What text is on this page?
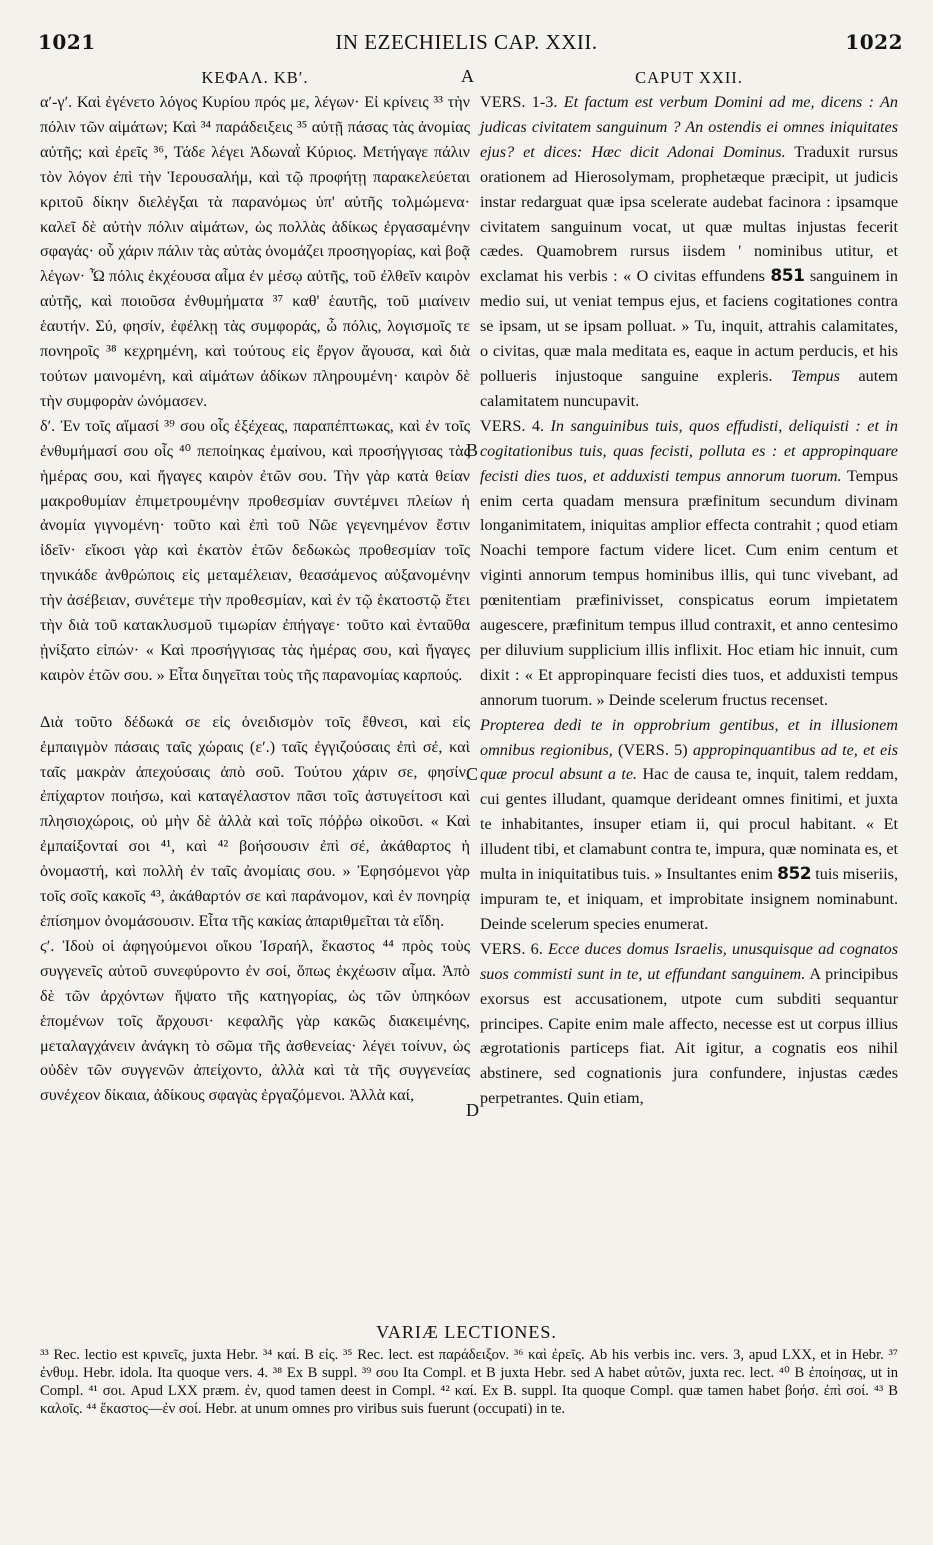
1021	IN EZECHIELIS CAP. XXII.	1022
A
B
C
D

ΚΕΦΑΛ. ΚΒʹ.

αʹ-γʹ. Καὶ ἐγένετο λόγος Κυρίου πρός με, λέγων· Εἰ κρίνεις ³³ τὴν πόλιν τῶν αἱμάτων; Καὶ ³⁴ παράδειξεις ³⁵ αὐτῇ πάσας τὰς ἀνομίας αὐτῆς; καὶ ἐρεῖς ³⁶, Τάδε λέγει Ἀδωναῒ Κύριος. Μετήγαγε πάλιν τὸν λόγον ἐπὶ τὴν Ἱερουσαλήμ, καὶ τῷ προφήτῃ παρακελεύεται κριτοῦ δίκην διελέγξαι τὰ παρανόμως ὑπ' αὐτῆς τολμώμενα· καλεῖ δὲ αὐτὴν πόλιν αἱμάτων, ὡς πολλὰς ἀδίκως ἐργασαμένην σφαγάς· οὗ χάριν πάλιν τὰς αὐτὰς ὀνομάζει προσηγορίας, καὶ βοᾷ λέγων· Ὦ πόλις ἐκχέουσα αἷμα ἐν μέσῳ αὐτῆς, τοῦ ἐλθεῖν καιρὸν αὐτῆς, καὶ ποιοῦσα ἐνθυμήματα ³⁷ καθ' ἑαυτῆς, τοῦ μιαίνειν ἑαυτήν. Σύ, φησίν, ἐφέλκῃ τὰς συμφοράς, ὦ πόλις, λογισμοῖς τε πονηροῖς ³⁸ κεχρημένη, καὶ τούτους εἰς ἔργον ἄγουσα, καὶ διὰ τούτων μαινομένη, καὶ αἱμάτων ἀδίκων πληρουμένη· καιρὸν δὲ τὴν συμφορὰν ὠνόμασεν.

δʹ. Ἐν τοῖς αἵμασί ³⁹ σου οἷς ἐξέχεας, παραπέπτωκας, καὶ ἐν τοῖς ἐνθυμήμασί σου οἷς ⁴⁰ πεποίηκας ἐμαίνου, καὶ προσήγγισας τὰς ἡμέρας σου, καὶ ἤγαγες καιρὸν ἐτῶν σου. Τὴν γὰρ κατὰ θείαν μακροθυμίαν ἐπιμετρουμένην προθεσμίαν συντέμνει πλείων ἡ ἀνομία γιγνομένη· τοῦτο καὶ ἐπὶ τοῦ Νῶε γεγενημένον ἔστιν ἰδεῖν· εἴκοσι γὰρ καὶ ἑκατὸν ἐτῶν δεδωκὼς προθεσμίαν τοῖς τηνικάδε ἀνθρώποις εἰς μεταμέλειαν, θεασάμενος αὐξανομένην τὴν ἀσέβειαν, συνέτεμε τὴν προθεσμίαν, καὶ ἐν τῷ ἑκατοστῷ ἔτει τὴν διὰ τοῦ κατακλυσμοῦ τιμωρίαν ἐπήγαγε· τοῦτο καὶ ἐνταῦθα ᾐνίξατο εἰπών· « Καὶ προσήγγισας τὰς ἡμέρας σου, καὶ ἤγαγες καιρὸν ἐτῶν σου. » Εἶτα διηγεῖται τοὺς τῆς παρανομίας καρπούς.

Διὰ τοῦτο δέδωκά σε εἰς ὀνειδισμὸν τοῖς ἔθνεσι, καὶ εἰς ἐμπαιγμὸν πάσαις ταῖς χώραις (εʹ.) ταῖς ἐγγιζούσαις ἐπὶ σέ, καὶ ταῖς μακρὰν ἀπεχούσαις ἀπὸ σοῦ. Τούτου χάριν σε, φησίν, ἐπίχαρτον ποιήσω, καὶ καταγέλαστον πᾶσι τοῖς ἀστυγείτοσι καὶ πλησιοχώροις, οὐ μὴν δὲ ἀλλὰ καὶ τοῖς πόῤῥω οἰκοῦσι. « Καὶ ἐμπαίξονταί σοι ⁴¹, καὶ ⁴² βοήσουσιν ἐπὶ σέ, ἀκάθαρτος ἡ ὀνομαστή, καὶ πολλὴ ἐν ταῖς ἀνομίαις σου. » Ἐφησόμενοι γὰρ τοῖς σοῖς κακοῖς ⁴³, ἀκάθαρτόν σε καὶ παράνομον, καὶ ἐν πονηρίᾳ ἐπίσημον ὀνομάσουσιν. Εἶτα τῆς κακίας ἀπαριθμεῖται τὰ εἴδη.

ϛʹ. Ἰδοὺ οἱ ἀφηγούμενοι οἴκου Ἰσραήλ, ἕκαστος ⁴⁴ πρὸς τοὺς συγγενεῖς αὐτοῦ συνεφύροντο ἐν σοί, ὅπως ἐκχέωσιν αἷμα. Ἀπὸ δὲ τῶν ἀρχόντων ἥψατο τῆς κατηγορίας, ὡς τῶν ὑπηκόων ἑπομένων τοῖς ἄρχουσι· κεφαλῆς γὰρ κακῶς διακειμένης, μεταλαγχάνειν ἀνάγκη τὸ σῶμα τῆς ἀσθενείας· λέγει τοίνυν, ὡς οὐδὲν τῶν συγγενῶν ἀπείχοντο, ἀλλὰ καὶ τὰ τῆς συγγενείας συνέχεον δίκαια, ἀδίκους σφαγὰς ἐργαζόμενοι. Ἀλλὰ καί,

CAPUT XXII.

VERS. 1-3. Et factum est verbum Domini ad me, dicens : An judicas civitatem sanguinum ? An ostendis ei omnes iniquitates ejus? et dices: Hæc dicit Adonai Dominus. Traduxit rursus orationem ad Hierosolymam, prophetæque præcipit, ut judicis instar redarguat quæ ipsa scelerate audebat facinora : ipsamque civitatem sanguinum vocat, ut quæ multas injustas fecerit cædes. Quamobrem rursus iisdem ' nominibus utitur, et exclamat his verbis : « O civitas effundens 851 sanguinem in medio sui, ut veniat tempus ejus, et faciens cogitationes contra se ipsam, ut se ipsam polluat. » Tu, inquit, attrahis calamitates, o civitas, quæ mala meditata es, eaque in actum perducis, et his pollueris injustoque sanguine expleris. Tempus autem calamitatem nuncupavit.

VERS. 4. In sanguinibus tuis, quos effudisti, deliquisti : et in cogitationibus tuis, quas fecisti, polluta es : et appropinquare fecisti dies tuos, et adduxisti tempus annorum tuorum. Tempus enim certa quadam mensura præfinitum secundum divinam longanimitatem, iniquitas amplior effecta contrahit ; quod etiam Noachi tempore factum videre licet. Cum enim centum et viginti annorum tempus hominibus illis, qui tunc vivebant, ad pœnitentiam præfinivisset, conspicatus eorum impietatem augescere, præfinitum tempus illud contraxit, et anno centesimo per diluvium supplicium illis inflixit. Hoc etiam hic innuit, cum dixit : « Et appropinquare fecisti dies tuos, et adduxisti tempus annorum tuorum. » Deinde scelerum fructus recenset.

Propterea dedi te in opprobrium gentibus, et in illusionem omnibus regionibus, (VERS. 5) appropinquantibus ad te, et eis quæ procul absunt a te. Hac de causa te, inquit, talem reddam, cui gentes illudant, quamque derideant omnes finitimi, et juxta te inhabitantes, insuper etiam ii, qui procul habitant. « Et illudent tibi, et clamabunt contra te, impura, quæ nominata es, et multa in iniquitatibus tuis. » Insultantes enim 852 tuis miseriis, impuram te, et iniquam, et improbitate insignem nominabunt. Deinde scelerum species enumerat.

VERS. 6. Ecce duces domus Israelis, unusquisque ad cognatos suos commisti sunt in te, ut effundant sanguinem. A principibus exorsus est accusationem, utpote cum subditi sequantur principes. Capite enim male affecto, necesse est ut corpus illius ægrotationis particeps fiat. Ait igitur, a cognatis eos nihil abstinere, sed cognationis jura confundere, injustas cædes perpetrantes. Quin etiam,

VARIÆ LECTIONES.

³³ Rec. lectio est κρινεῖς, juxta Hebr. ³⁴ καί. B εἰς. ³⁵ Rec. lect. est παράδειξον. ³⁶ καὶ ἐρεῖς. Ab his verbis inc. vers. 3, apud LXX, et in Hebr. ³⁷ ἐνθυμ. Hebr. idola. Ita quoque vers. 4. ³⁸ Ex B suppl. ³⁹ σου Ita Compl. et B juxta Hebr. sed A habet αὐτῶν, juxta rec. lect. ⁴⁰ B ἐποίησας, ut in Compl. ⁴¹ σοι. Apud LXX præm. ἐν, quod tamen deest in Compl. ⁴² καί. Ex B. suppl. Ita quoque Compl. quæ tamen habet βοήσ. ἐπὶ σοί. ⁴³ B καλοῖς. ⁴⁴ ἕκαστος—ἐν σοί. Hebr. at unum omnes pro viribus suis fuerunt (occupati) in te.
